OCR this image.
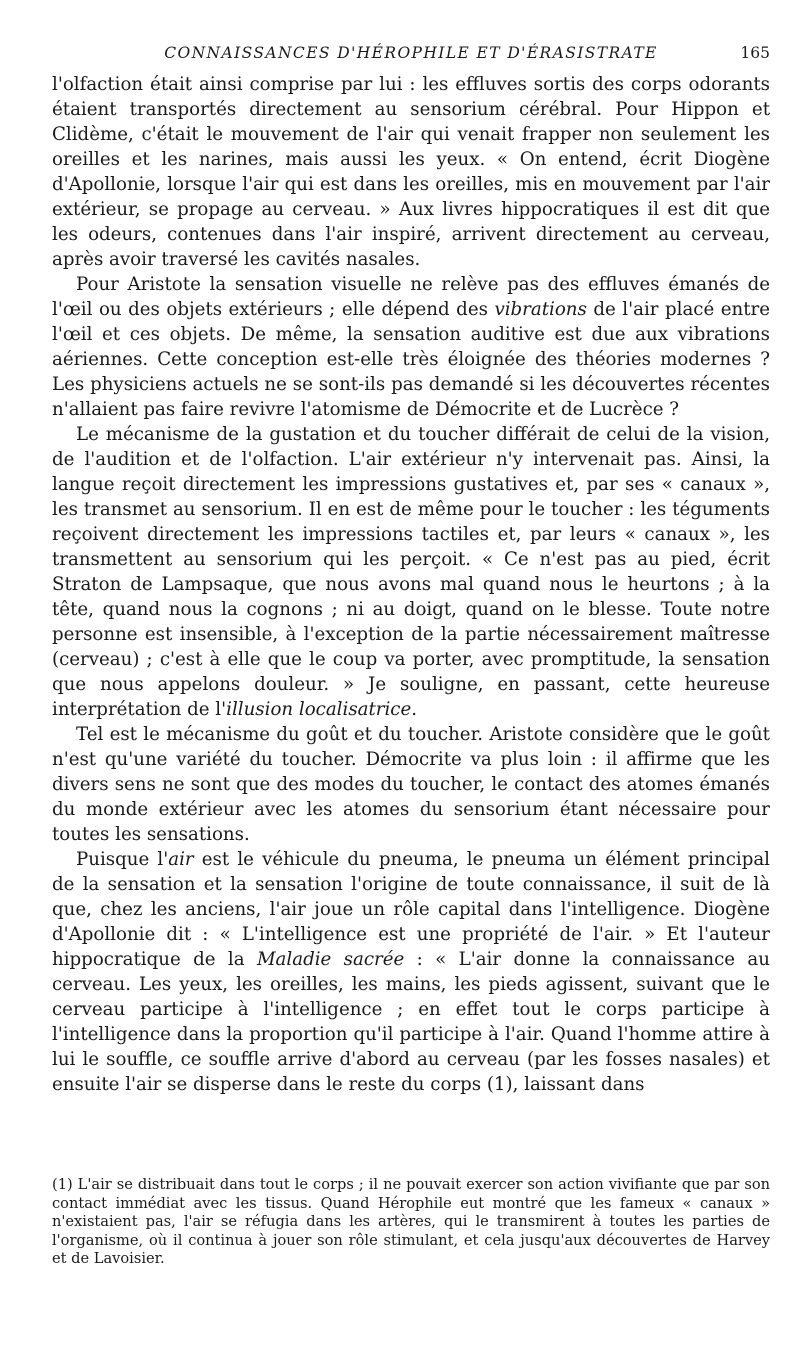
CONNAISSANCES D'HÉROPHILE ET D'ÉRASISTRATE	165

l'olfaction était ainsi comprise par lui : les effluves sortis des corps odorants étaient transportés directement au sensorium cérébral. Pour Hippon et Clidème, c'était le mouvement de l'air qui venait frapper non seulement les oreilles et les narines, mais aussi les yeux. « On entend, écrit Diogène d'Apollonie, lorsque l'air qui est dans les oreilles, mis en mouvement par l'air extérieur, se propage au cerveau. » Aux livres hippocratiques il est dit que les odeurs, contenues dans l'air inspiré, arrivent directement au cerveau, après avoir traversé les cavités nasales.

Pour Aristote la sensation visuelle ne relève pas des effluves émanés de l'œil ou des objets extérieurs ; elle dépend des vibrations de l'air placé entre l'œil et ces objets. De même, la sensation auditive est due aux vibrations aériennes. Cette conception est-elle très éloignée des théories modernes ? Les physiciens actuels ne se sont-ils pas demandé si les découvertes récentes n'allaient pas faire revivre l'atomisme de Démocrite et de Lucrèce ?

Le mécanisme de la gustation et du toucher différait de celui de la vision, de l'audition et de l'olfaction. L'air extérieur n'y intervenait pas. Ainsi, la langue reçoit directement les impressions gustatives et, par ses « canaux », les transmet au sensorium. Il en est de même pour le toucher : les téguments reçoivent directement les impressions tactiles et, par leurs « canaux », les transmettent au sensorium qui les perçoit. « Ce n'est pas au pied, écrit Straton de Lampsaque, que nous avons mal quand nous le heurtons ; à la tête, quand nous la cognons ; ni au doigt, quand on le blesse. Toute notre personne est insensible, à l'exception de la partie nécessairement maîtresse (cerveau) ; c'est à elle que le coup va porter, avec promptitude, la sensation que nous appelons douleur. » Je souligne, en passant, cette heureuse interprétation de l'illusion localisatrice.

Tel est le mécanisme du goût et du toucher. Aristote considère que le goût n'est qu'une variété du toucher. Démocrite va plus loin : il affirme que les divers sens ne sont que des modes du toucher, le contact des atomes émanés du monde extérieur avec les atomes du sensorium étant nécessaire pour toutes les sensations.

Puisque l'air est le véhicule du pneuma, le pneuma un élément principal de la sensation et la sensation l'origine de toute connaissance, il suit de là que, chez les anciens, l'air joue un rôle capital dans l'intelligence. Diogène d'Apollonie dit : « L'intelligence est une propriété de l'air. » Et l'auteur hippocratique de la Maladie sacrée : « L'air donne la connaissance au cerveau. Les yeux, les oreilles, les mains, les pieds agissent, suivant que le cerveau participe à l'intelligence ; en effet tout le corps participe à l'intelligence dans la proportion qu'il participe à l'air. Quand l'homme attire à lui le souffle, ce souffle arrive d'abord au cerveau (par les fosses nasales) et ensuite l'air se disperse dans le reste du corps (1), laissant dans

(1) L'air se distribuait dans tout le corps ; il ne pouvait exercer son action vivifiante que par son contact immédiat avec les tissus. Quand Hérophile eut montré que les fameux « canaux » n'existaient pas, l'air se réfugia dans les artères, qui le transmirent à toutes les parties de l'organisme, où il continua à jouer son rôle stimulant, et cela jusqu'aux découvertes de Harvey et de Lavoisier.
